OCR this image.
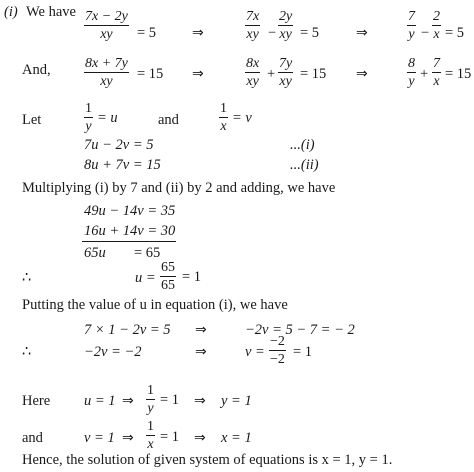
(i) We have $\frac{7x - 2y}{xy} = 5$	⇒	$\frac{7x}{xy} - \frac{2y}{xy} = 5$	⇒	$\frac{7}{y} - \frac{2}{x} = 5$
And, $\frac{8x + 7y}{xy} = 15$ ⇒	$\frac{8x}{xy} + \frac{7y}{xy} = 15$ ⇒	$\frac{8}{y} + \frac{7}{x} = 15$
Let	$\frac{1}{y} = u$	and	$\frac{1}{x} = v$
7u − 2v = 5	...(i)
8u + 7v = 15	...(ii)
Multiplying (i) by 7 and (ii) by 2 and adding, we have
49u − 14v = 35
16u + 14v = 30
65u = 65
∴	$u = \frac{65}{65} = 1$
Putting the value of u in equation (i), we have
7 × 1 − 2v = 5 ⇒	−2v = 5 − 7 = − 2
∴	−2v = −2	⇒	$v = \frac{-2}{-2} = 1$
Here u = 1 ⇒ $\frac{1}{y} = 1$ ⇒ y = 1
and	v = 1 ⇒ $\frac{1}{x} = 1$ ⇒ x = 1
Hence, the solution of given system of equations is x = 1, y = 1.
